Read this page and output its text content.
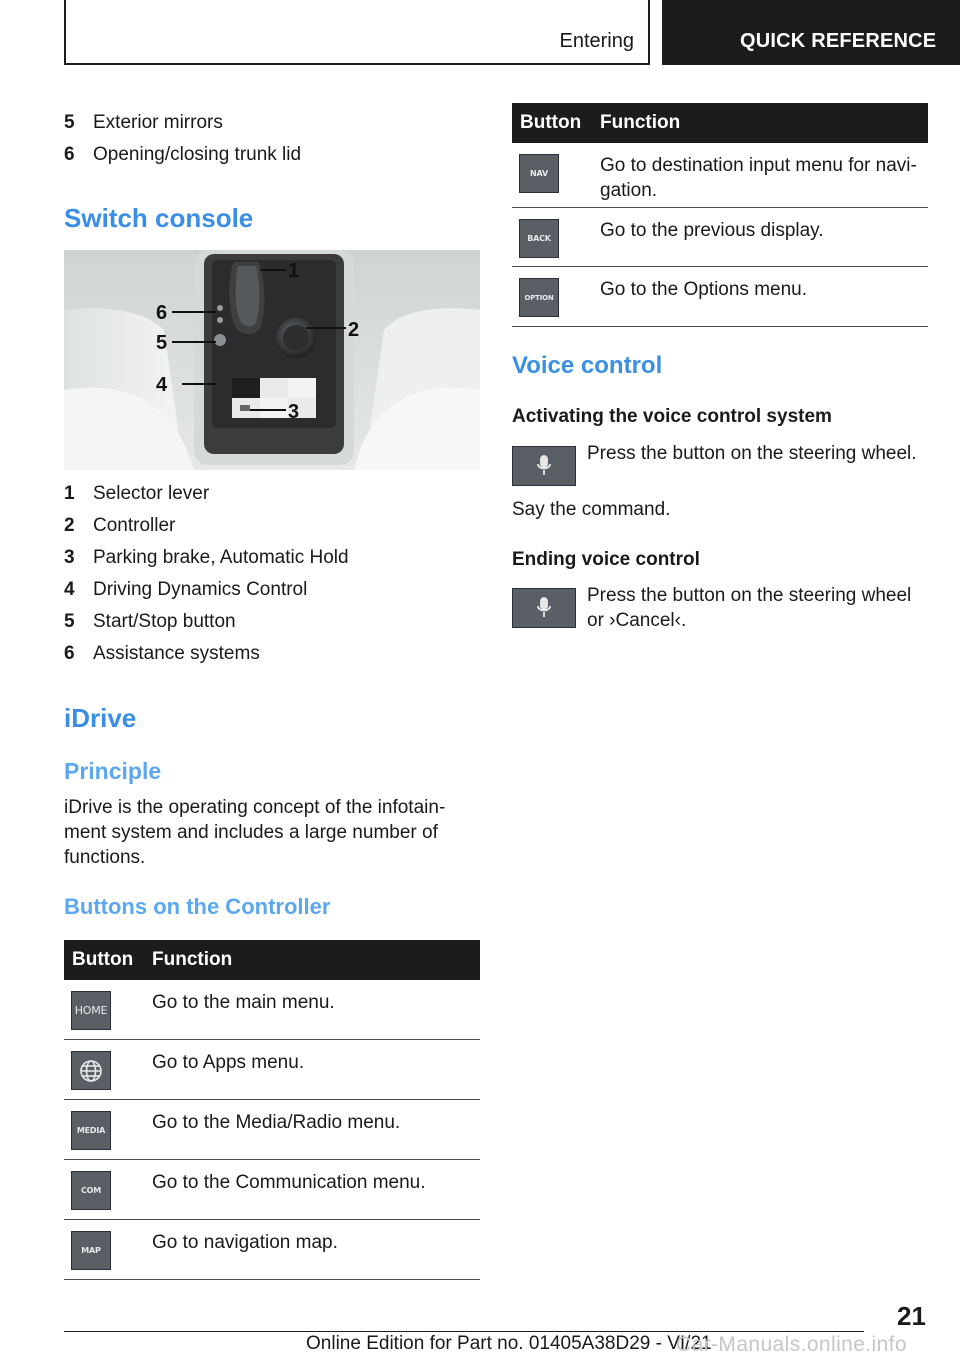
Entering	QUICK REFERENCE
5 Exterior mirrors
6 Opening/closing trunk lid
Switch console
1
2
3
4
5
6
1 Selector lever
2 Controller
3 Parking brake, Automatic Hold
4 Driving Dynamics Control
5 Start/Stop button
6 Assistance systems
iDrive
Principle
iDrive is the operating concept of the infotain-
ment system and includes a large number of
functions.
Buttons on the Controller
Button Function
HOME Go to the main menu.
Go to Apps menu.
MEDIA	Go to the Media/Radio menu.
COM	Go to the Communication menu.
MAP	Go to navigation map.
Button Function
NAV	Go to destination input menu for navi-
gation.
BACK	Go to the previous display.
OPTION Go to the Options menu.
Voice control
Activating the voice control system
Press the button on the steering wheel.
Say the command.
Ending voice control
Press the button on the steering wheel
or ›Cancel‹.
21
Online Edition for Part no. 01405A38D29 - VI/21
Car-Manuals.online.info
